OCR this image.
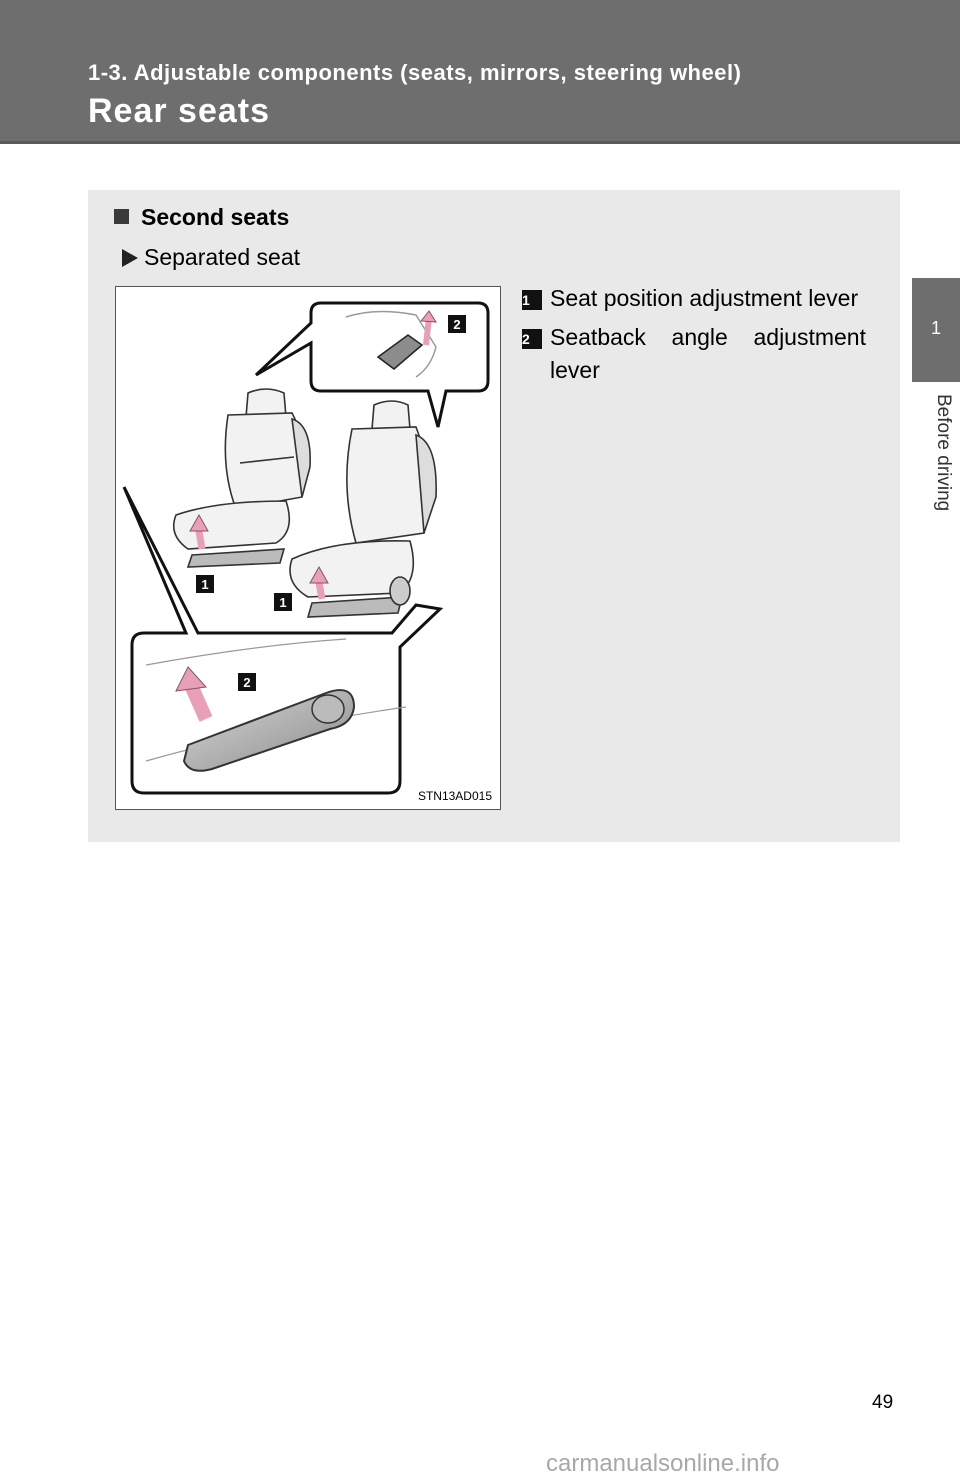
1-3. Adjustable components (seats, mirrors, steering wheel)
Rear seats
1
Before driving
Second seats
Separated seat
2
1
1
2
STN13AD015
1 Seat position adjustment lever
2 Seatback angle adjustment lever
49
carmanualsonline.info
